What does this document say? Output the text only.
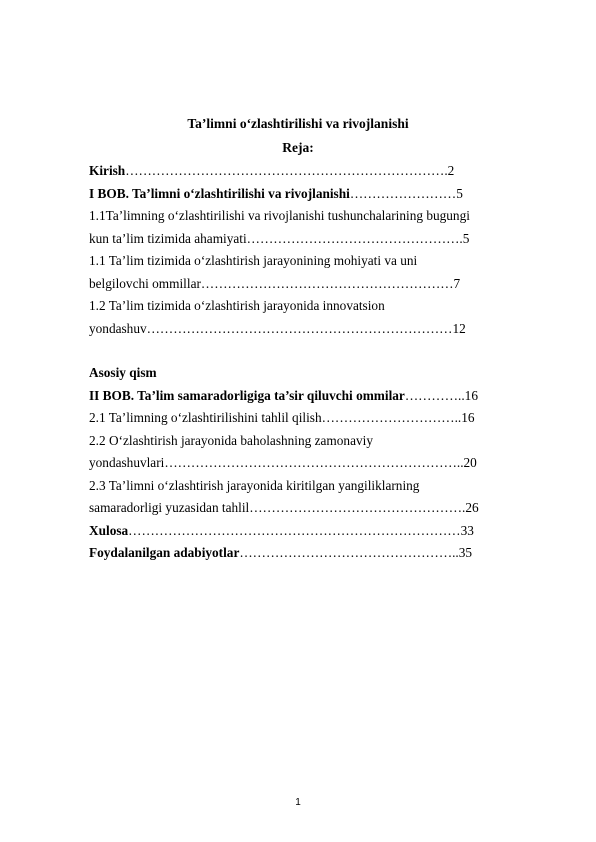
Ta’limni o‘zlashtirilishi va rivojlanishi
Reja:
Kirish……………………………………………………………….2
I BOB. Ta’limni o‘zlashtirilishi va rivojlanishi……………………5
1.1Ta’limning o‘zlashtirilishi va rivojlanishi tushunchalarining bugungi
kun ta’lim tizimida ahamiyati………………………………………….5
1.1 Ta’lim tizimida o‘zlashtirish jarayonining mohiyati va uni
belgilovchi ommillar…………………………………………………7
1.2 Ta’lim tizimida o‘zlashtirish jarayonida innovatsion
yondashuv……………………………………………………………12
Asosiy qism
II BOB. Ta’lim samaradorligiga ta’sir qiluvchi ommilar…………..16
2.1 Ta’limning o‘zlashtirilishini tahlil qilish…………………………..16
2.2 O‘zlashtirish jarayonida baholashning zamonaviy
yondashuvlari…………………………………………………………..20
2.3 Ta’limni o‘zlashtirish jarayonida kiritilgan yangiliklarning
samaradorligi yuzasidan tahlil………………………………………….26
Xulosa…………………………………………………………………33
Foydalanilgan adabiyotlar…………………………………………..35
1
